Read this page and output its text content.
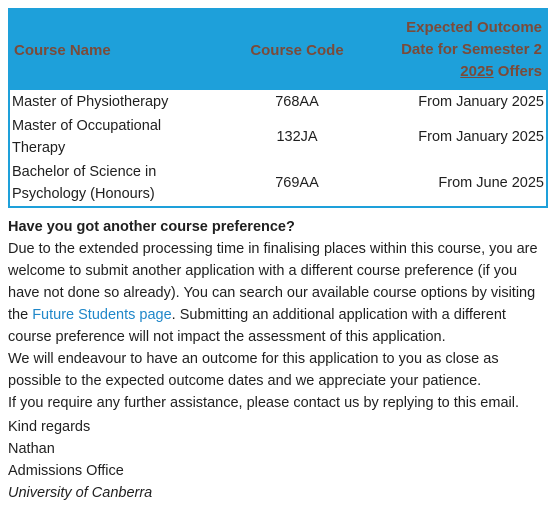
Course Name	Course Code	Expected Outcome
Date for Semester 2
2025 Offers

Master of Physiotherapy	768AA	From January 2025

Master of Occupational
Therapy	132JA	From January 2025

Bachelor of Science in
Psychology (Honours)	769AA	From June 2025
Have you got another course preference?
Due to the extended processing time in finalising places within this course, you are
welcome to submit another application with a different course preference (if you
have not done so already). You can search our available course options by visiting
the Future Students page. Submitting an additional application with a different
course preference will not impact the assessment of this application.
We will endeavour to have an outcome for this application to you as close as
possible to the expected outcome dates and we appreciate your patience.
If you require any further assistance, please contact us by replying to this email.
Kind regards
Nathan
Admissions Office
University of Canberra
